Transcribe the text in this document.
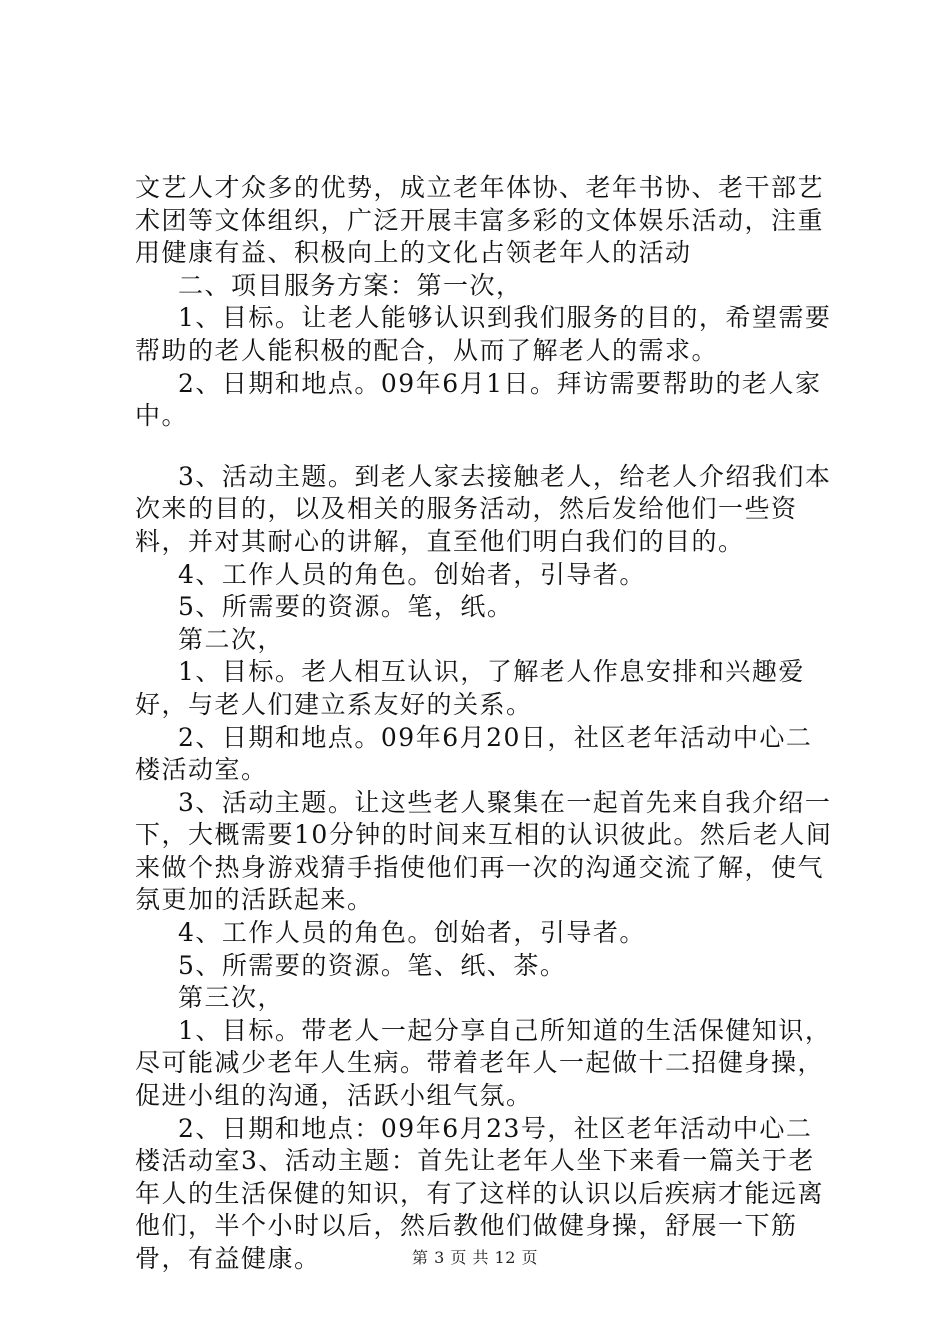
文艺人才众多的优势，成立老年体协、老年书协、老干部艺术团等文体组织，广泛开展丰富多彩的文体娱乐活动，注重用健康有益、积极向上的文化占领老年人的活动

二、项目服务方案：第一次，

1、目标。让老人能够认识到我们服务的目的，希望需要帮助的老人能积极的配合，从而了解老人的需求。

2、日期和地点。09年6月1日。拜访需要帮助的老人家中。

3、活动主题。到老人家去接触老人，给老人介绍我们本次来的目的，以及相关的服务活动，然后发给他们一些资料，并对其耐心的讲解，直至他们明白我们的目的。

4、工作人员的角色。创始者，引导者。

5、所需要的资源。笔，纸。

第二次，

1、目标。老人相互认识，了解老人作息安排和兴趣爱好，与老人们建立系友好的关系。

2、日期和地点。09年6月20日，社区老年活动中心二楼活动室。

3、活动主题。让这些老人聚集在一起首先来自我介绍一下，大概需要10分钟的时间来互相的认识彼此。然后老人间来做个热身游戏猜手指使他们再一次的沟通交流了解，使气氛更加的活跃起来。

4、工作人员的角色。创始者，引导者。

5、所需要的资源。笔、纸、茶。

第三次，

1、目标。带老人一起分享自己所知道的生活保健知识，尽可能减少老年人生病。带着老年人一起做十二招健身操，促进小组的沟通，活跃小组气氛。

2、日期和地点：09年6月23号，社区老年活动中心二楼活动室3、活动主题：首先让老年人坐下来看一篇关于老年人的生活保健的知识，有了这样的认识以后疾病才能远离他们，半个小时以后，然后教他们做健身操，舒展一下筋骨，有益健康。	第 3 页 共 12 页
